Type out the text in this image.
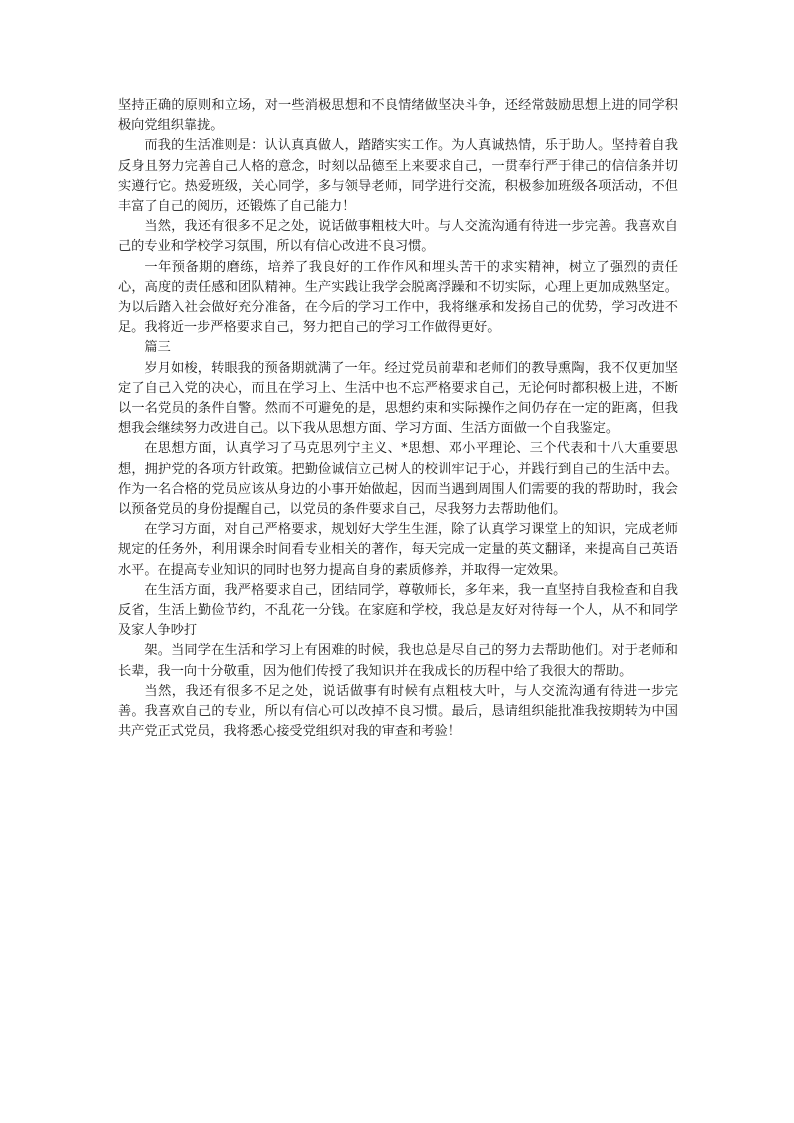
坚持正确的原则和立场，对一些消极思想和不良情绪做坚决斗争，还经常鼓励思想上进的同学积极向党组织靠拢。

而我的生活准则是：认认真真做人，踏踏实实工作。为人真诚热情，乐于助人。坚持着自我反身且努力完善自己人格的意念，时刻以品德至上来要求自己，一贯奉行严于律己的信信条并切实遵行它。热爱班级，关心同学，多与领导老师，同学进行交流，积极参加班级各项活动，不但丰富了自己的阅历，还锻炼了自己能力！

当然，我还有很多不足之处，说话做事粗枝大叶。与人交流沟通有待进一步完善。我喜欢自己的专业和学校学习氛围，所以有信心改进不良习惯。

一年预备期的磨练，培养了我良好的工作作风和埋头苦干的求实精神，树立了强烈的责任心，高度的责任感和团队精神。生产实践让我学会脱离浮躁和不切实际，心理上更加成熟坚定。为以后踏入社会做好充分准备，在今后的学习工作中，我将继承和发扬自己的优势，学习改进不足。我将近一步严格要求自己，努力把自己的学习工作做得更好。

篇三

岁月如梭，转眼我的预备期就满了一年。经过党员前辈和老师们的教导熏陶，我不仅更加坚定了自己入党的决心，而且在学习上、生活中也不忘严格要求自己，无论何时都积极上进，不断以一名党员的条件自警。然而不可避免的是，思想约束和实际操作之间仍存在一定的距离，但我想我会继续努力改进自己。以下我从思想方面、学习方面、生活方面做一个自我鉴定。

在思想方面，认真学习了马克思列宁主义、*思想、邓小平理论、三个代表和十八大重要思想，拥护党的各项方针政策。把勤俭诚信立己树人的校训牢记于心，并践行到自己的生活中去。作为一名合格的党员应该从身边的小事开始做起，因而当遇到周围人们需要的我的帮助时，我会以预备党员的身份提醒自己，以党员的条件要求自己，尽我努力去帮助他们。

在学习方面，对自己严格要求，规划好大学生生涯，除了认真学习课堂上的知识，完成老师规定的任务外，利用课余时间看专业相关的著作，每天完成一定量的英文翻译，来提高自己英语水平。在提高专业知识的同时也努力提高自身的素质修养，并取得一定效果。

在生活方面，我严格要求自己，团结同学，尊敬师长，多年来，我一直坚持自我检查和自我反省，生活上勤俭节约，不乱花一分钱。在家庭和学校，我总是友好对待每一个人，从不和同学及家人争吵打

架。当同学在生活和学习上有困难的时候，我也总是尽自己的努力去帮助他们。对于老师和长辈，我一向十分敬重，因为他们传授了我知识并在我成长的历程中给了我很大的帮助。

当然，我还有很多不足之处，说话做事有时候有点粗枝大叶，与人交流沟通有待进一步完善。我喜欢自己的专业，所以有信心可以改掉不良习惯。最后，恳请组织能批准我按期转为中国共产党正式党员，我将悉心接受党组织对我的审查和考验！
